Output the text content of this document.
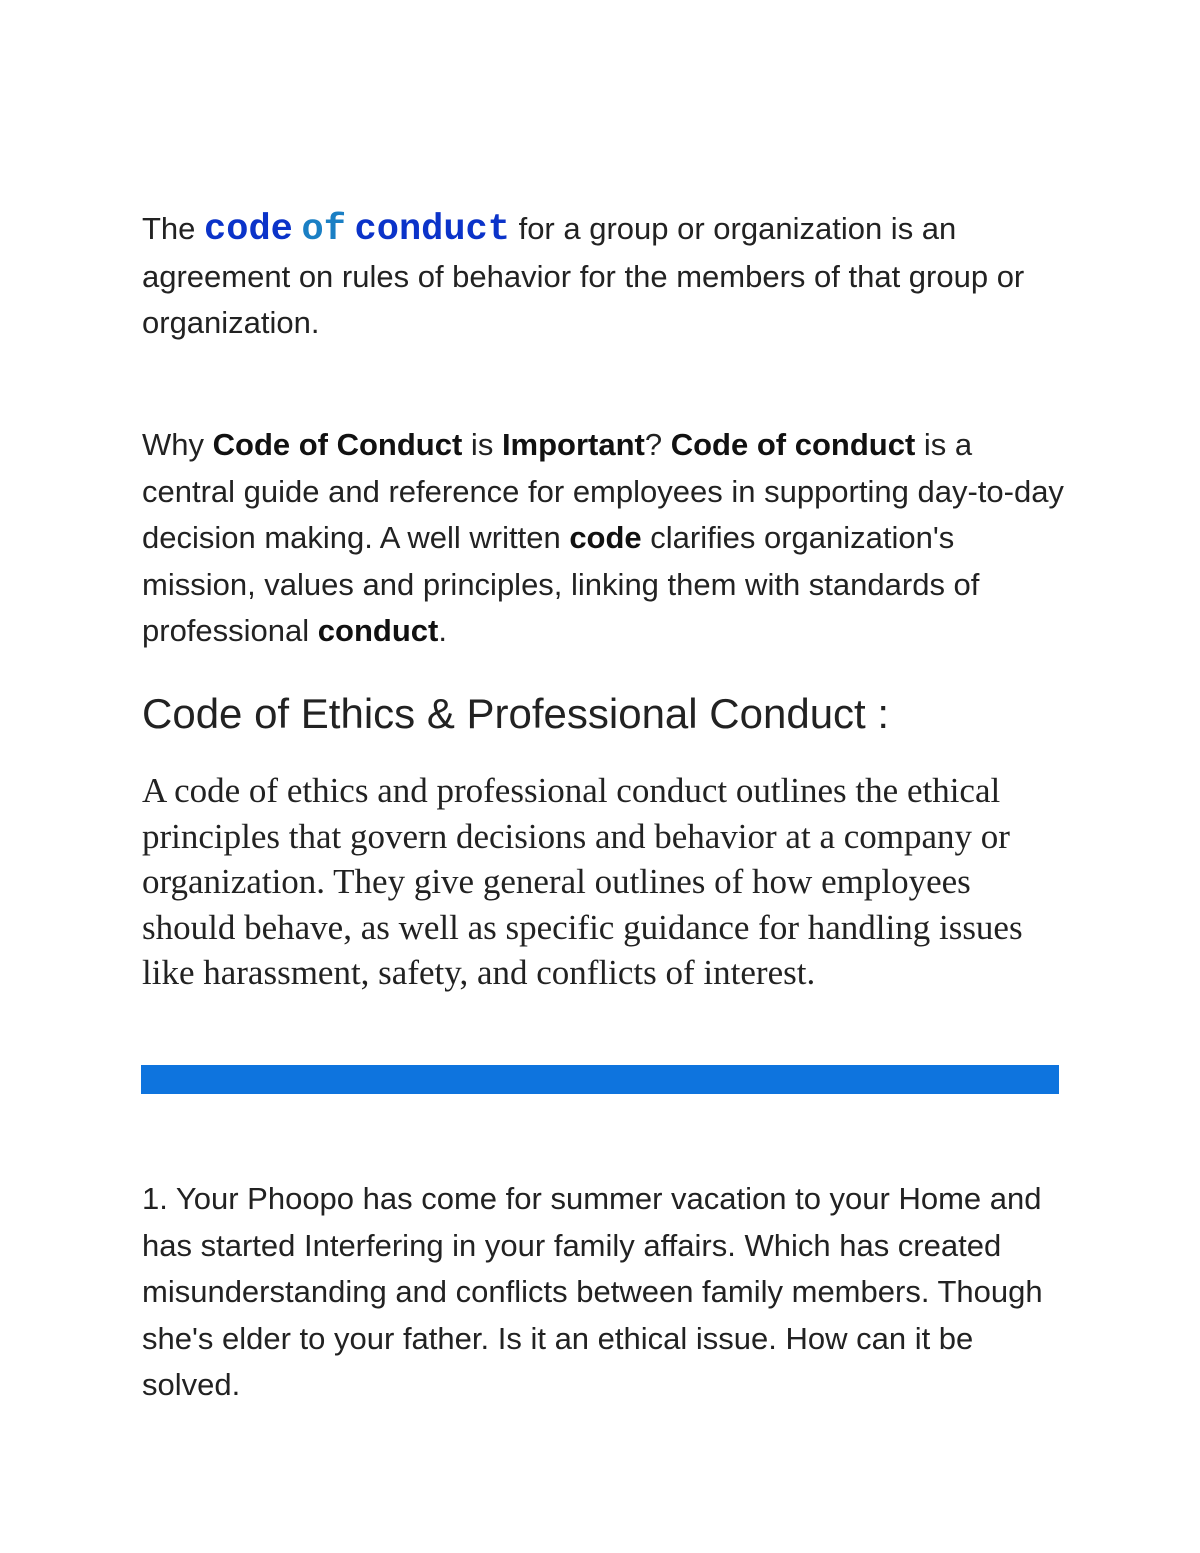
The code of conduct for a group or organization is an agreement on rules of behavior for the members of that group or organization.

Why Code of Conduct is Important? Code of conduct is a central guide and reference for employees in supporting day-to-day decision making. A well written code clarifies organization's mission, values and principles, linking them with standards of professional conduct.

Code of Ethics & Professional Conduct :

A code of ethics and professional conduct outlines the ethical principles that govern decisions and behavior at a company or organization. They give general outlines of how employees should behave, as well as specific guidance for handling issues like harassment, safety, and conflicts of interest.

1. Your Phoopo has come for summer vacation to your Home and has started Interfering in your family affairs. Which has created misunderstanding and conflicts between family members. Though she's elder to your father. Is it an ethical issue. How can it be solved.
